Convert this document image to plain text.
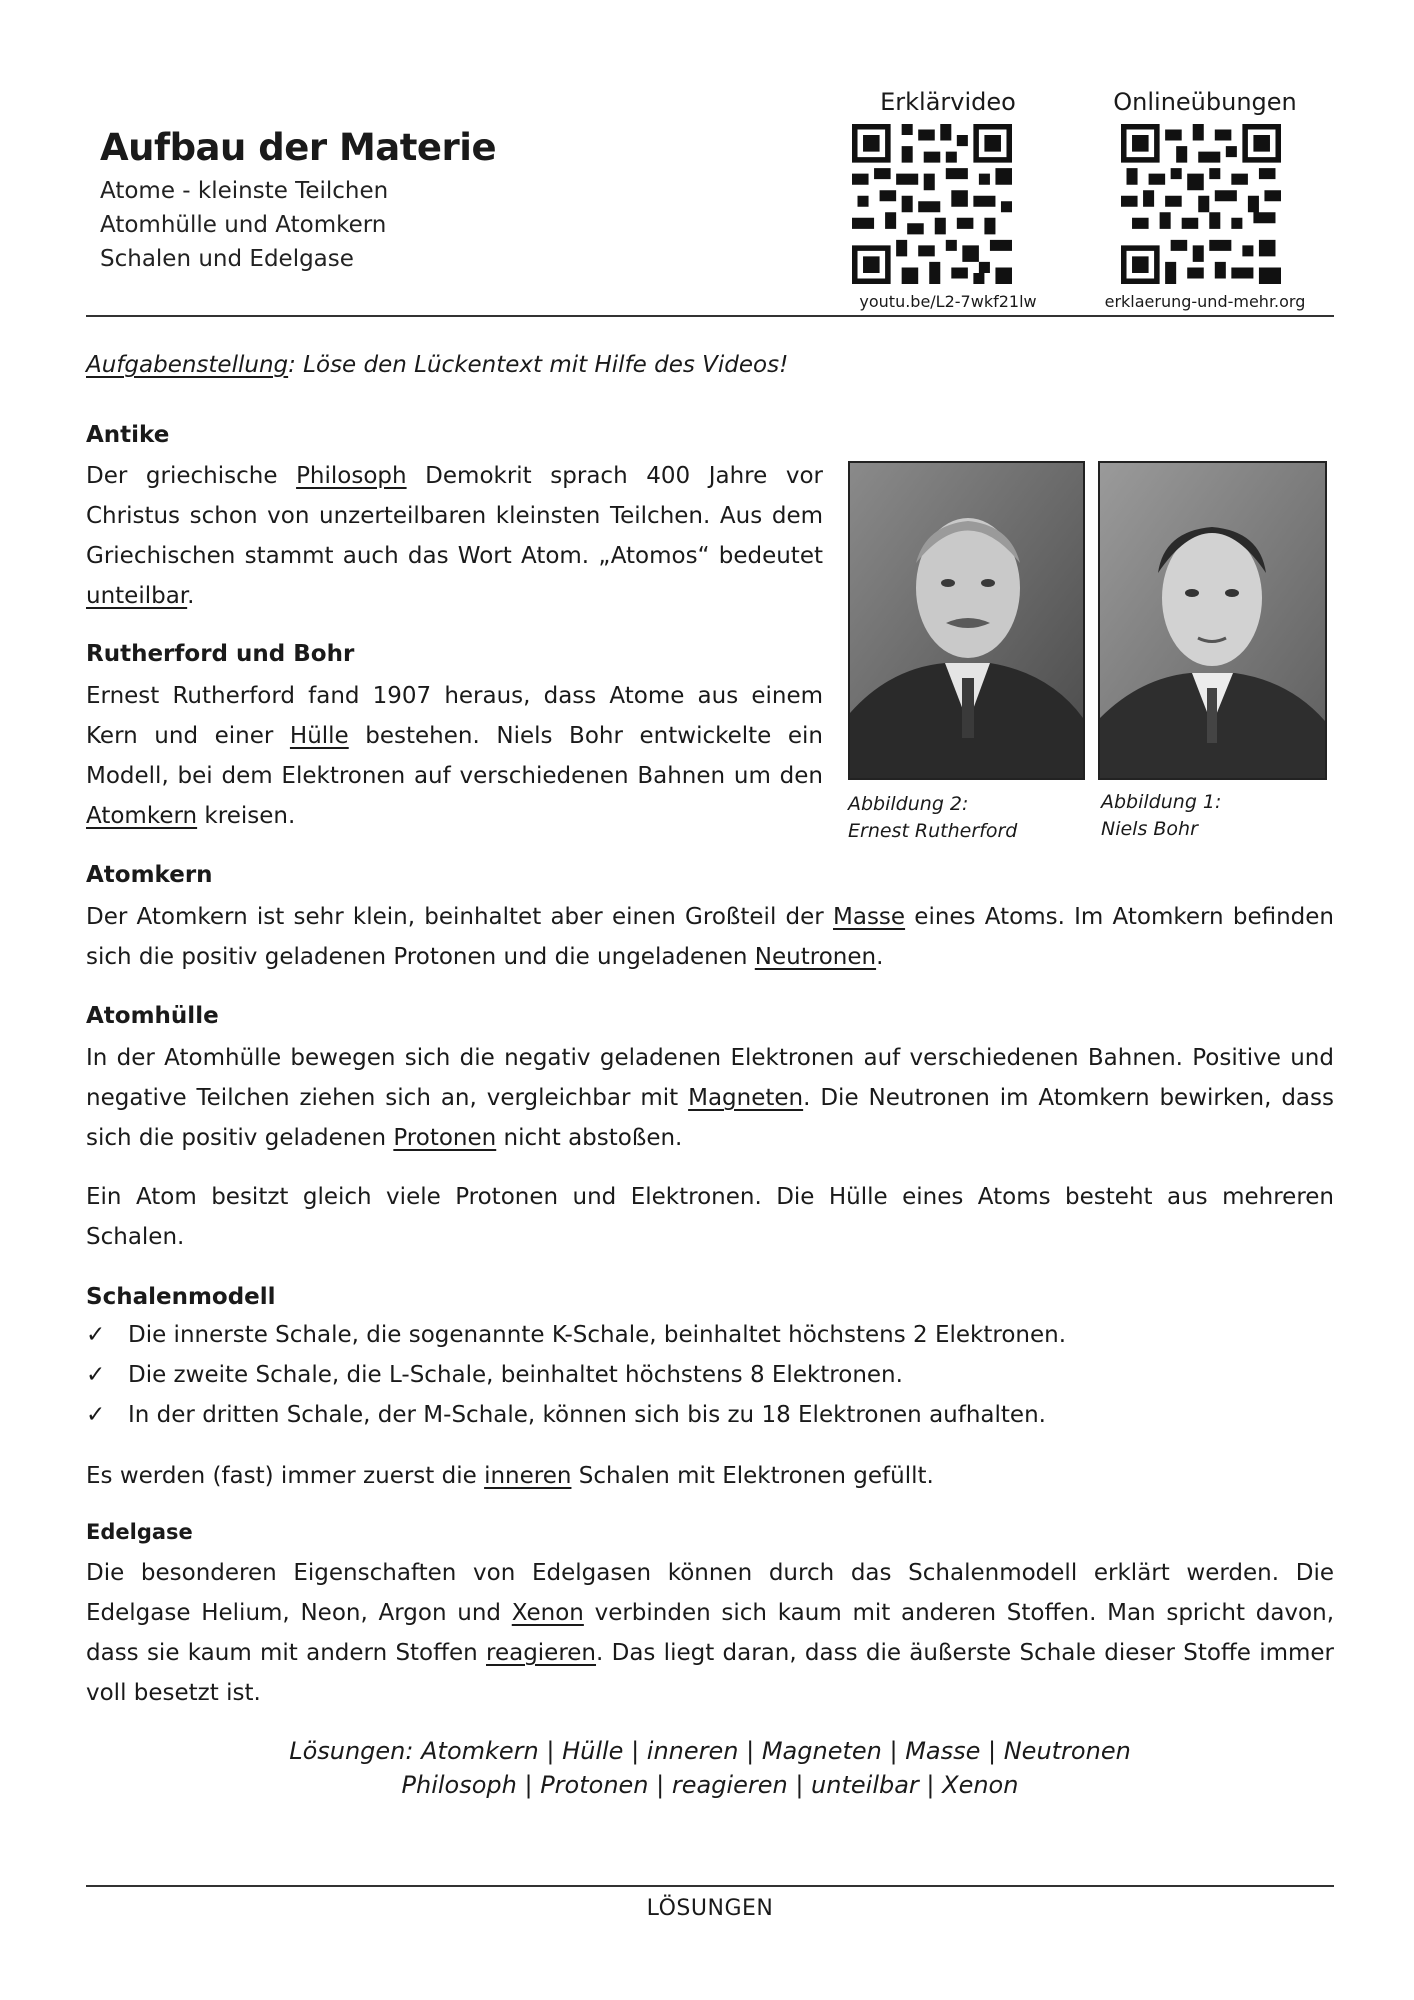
Aufbau der Materie
Atome - kleinste Teilchen
Atomhülle und Atomkern
Schalen und Edelgase
Erklärvideo
youtu.be/L2-7wkf21lw
Onlineübungen
erklaerung-und-mehr.org
Aufgabenstellung: Löse den Lückentext mit Hilfe des Videos!
Antike
Der griechische Philosoph Demokrit sprach 400 Jahre vor Christus schon von unzerteilbaren kleinsten Teilchen. Aus dem Griechischen stammt auch das Wort Atom. „Atomos“ bedeutet unteilbar.
Rutherford und Bohr
Ernest Rutherford fand 1907 heraus, dass Atome aus einem Kern und einer Hülle bestehen. Niels Bohr entwickelte ein Modell, bei dem Elektronen auf verschiedenen Bahnen um den Atomkern kreisen.	Abbildung 2:
Ernest Rutherford
Abbildung 1:
Niels Bohr
Atomkern
Der Atomkern ist sehr klein, beinhaltet aber einen Großteil der Masse eines Atoms. Im Atomkern befinden sich die positiv geladenen Protonen und die ungeladenen Neutronen.
Atomhülle
In der Atomhülle bewegen sich die negativ geladenen Elektronen auf verschiedenen Bahnen. Positive und negative Teilchen ziehen sich an, vergleichbar mit Magneten. Die Neutronen im Atomkern bewirken, dass sich die positiv geladenen Protonen nicht abstoßen.
Ein Atom besitzt gleich viele Protonen und Elektronen. Die Hülle eines Atoms besteht aus mehreren Schalen.
Schalenmodell
✓ Die innerste Schale, die sogenannte K-Schale, beinhaltet höchstens 2 Elektronen.
✓ Die zweite Schale, die L-Schale, beinhaltet höchstens 8 Elektronen.
✓ In der dritten Schale, der M-Schale, können sich bis zu 18 Elektronen aufhalten.
Es werden (fast) immer zuerst die inneren Schalen mit Elektronen gefüllt.
Edelgase
Die besonderen Eigenschaften von Edelgasen können durch das Schalenmodell erklärt werden. Die Edelgase Helium, Neon, Argon und Xenon verbinden sich kaum mit anderen Stoffen. Man spricht davon, dass sie kaum mit andern Stoffen reagieren. Das liegt daran, dass die äußerste Schale dieser Stoffe immer voll besetzt ist.
Lösungen: Atomkern | Hülle | inneren | Magneten | Masse | Neutronen
Philosoph | Protonen | reagieren | unteilbar | Xenon
LÖSUNGEN
